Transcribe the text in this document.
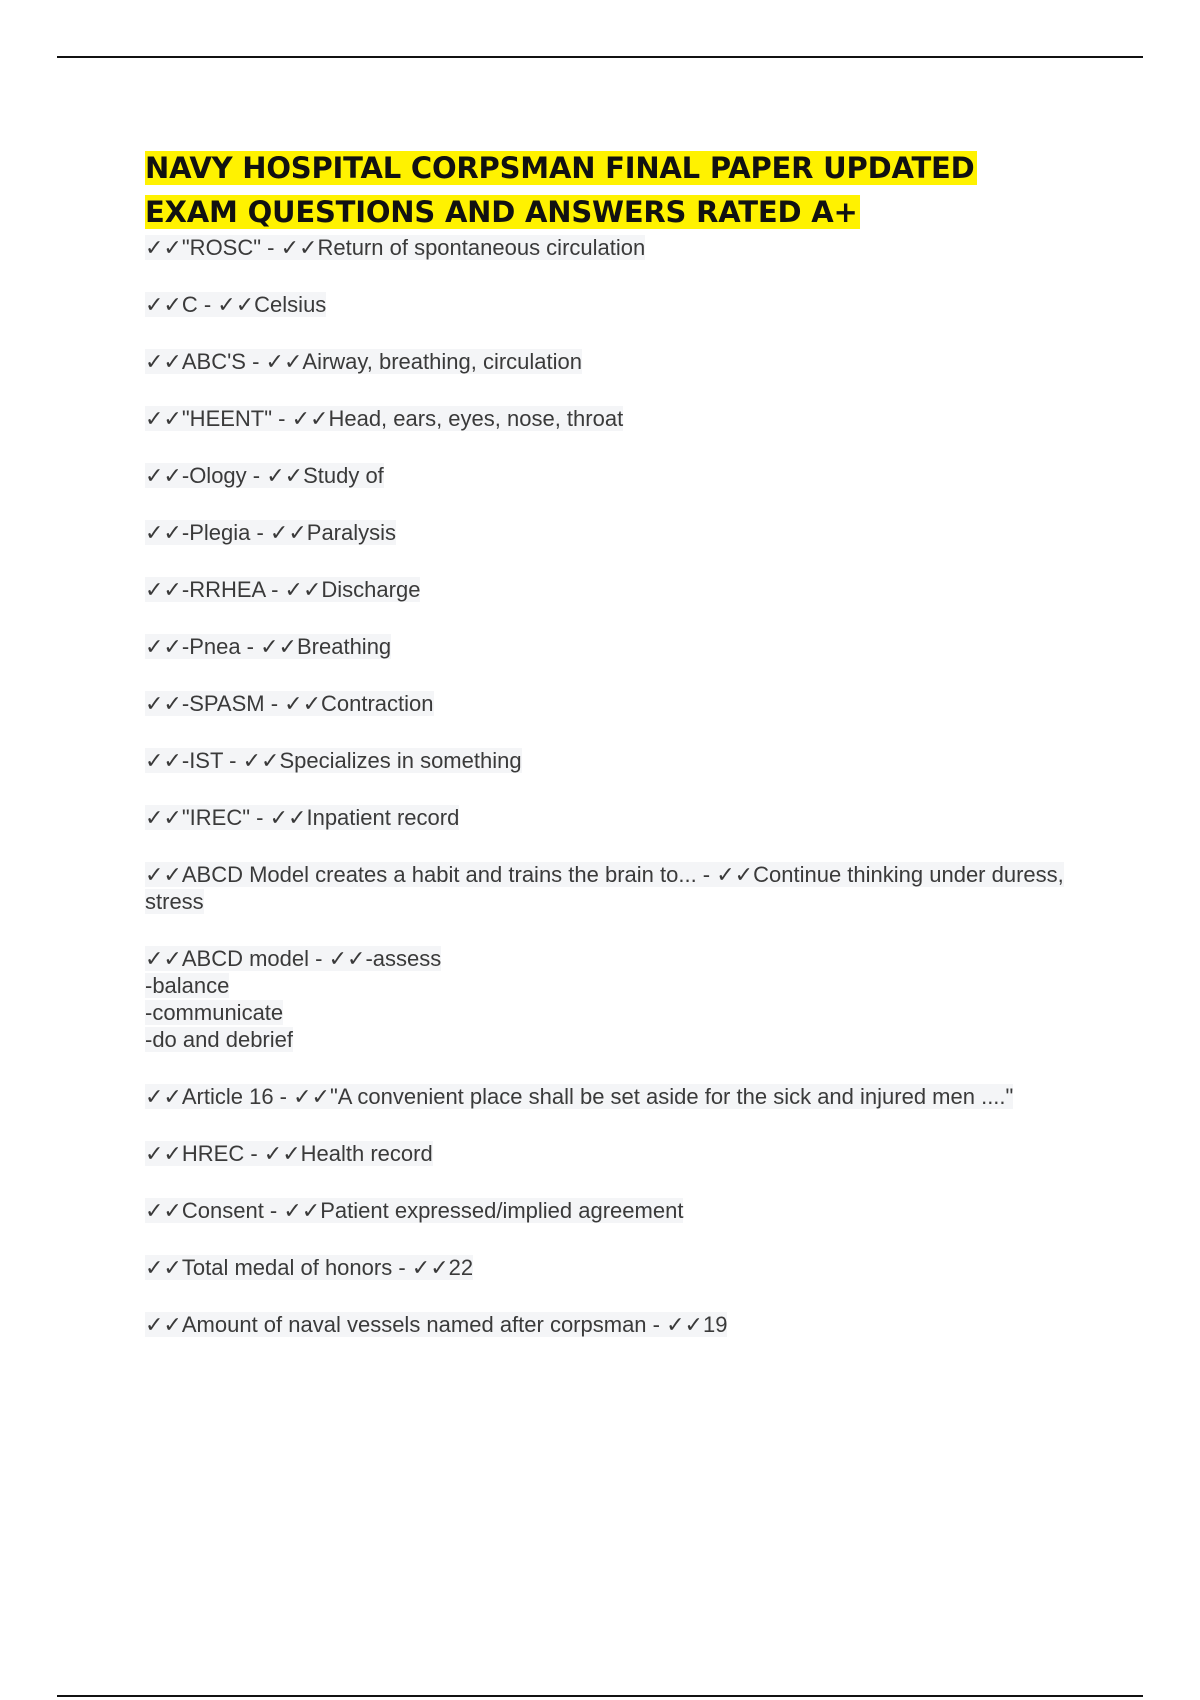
NAVY HOSPITAL CORPSMAN FINAL PAPER UPDATED
EXAM QUESTIONS AND ANSWERS RATED A+
✓✓"ROSC" - ✓✓Return of spontaneous circulation
✓✓C - ✓✓Celsius
✓✓ABC'S - ✓✓Airway, breathing, circulation
✓✓"HEENT" - ✓✓Head, ears, eyes, nose, throat
✓✓-Ology - ✓✓Study of
✓✓-Plegia - ✓✓Paralysis
✓✓-RRHEA - ✓✓Discharge
✓✓-Pnea - ✓✓Breathing
✓✓-SPASM - ✓✓Contraction
✓✓-IST - ✓✓Specializes in something
✓✓"IREC" - ✓✓Inpatient record
✓✓ABCD Model creates a habit and trains the brain to... - ✓✓Continue thinking under duress, stress
✓✓ABCD model - ✓✓-assess
-balance
-communicate
-do and debrief
✓✓Article 16 - ✓✓"A convenient place shall be set aside for the sick and injured men ...."
✓✓HREC - ✓✓Health record
✓✓Consent - ✓✓Patient expressed/implied agreement
✓✓Total medal of honors - ✓✓22
✓✓Amount of naval vessels named after corpsman - ✓✓19
